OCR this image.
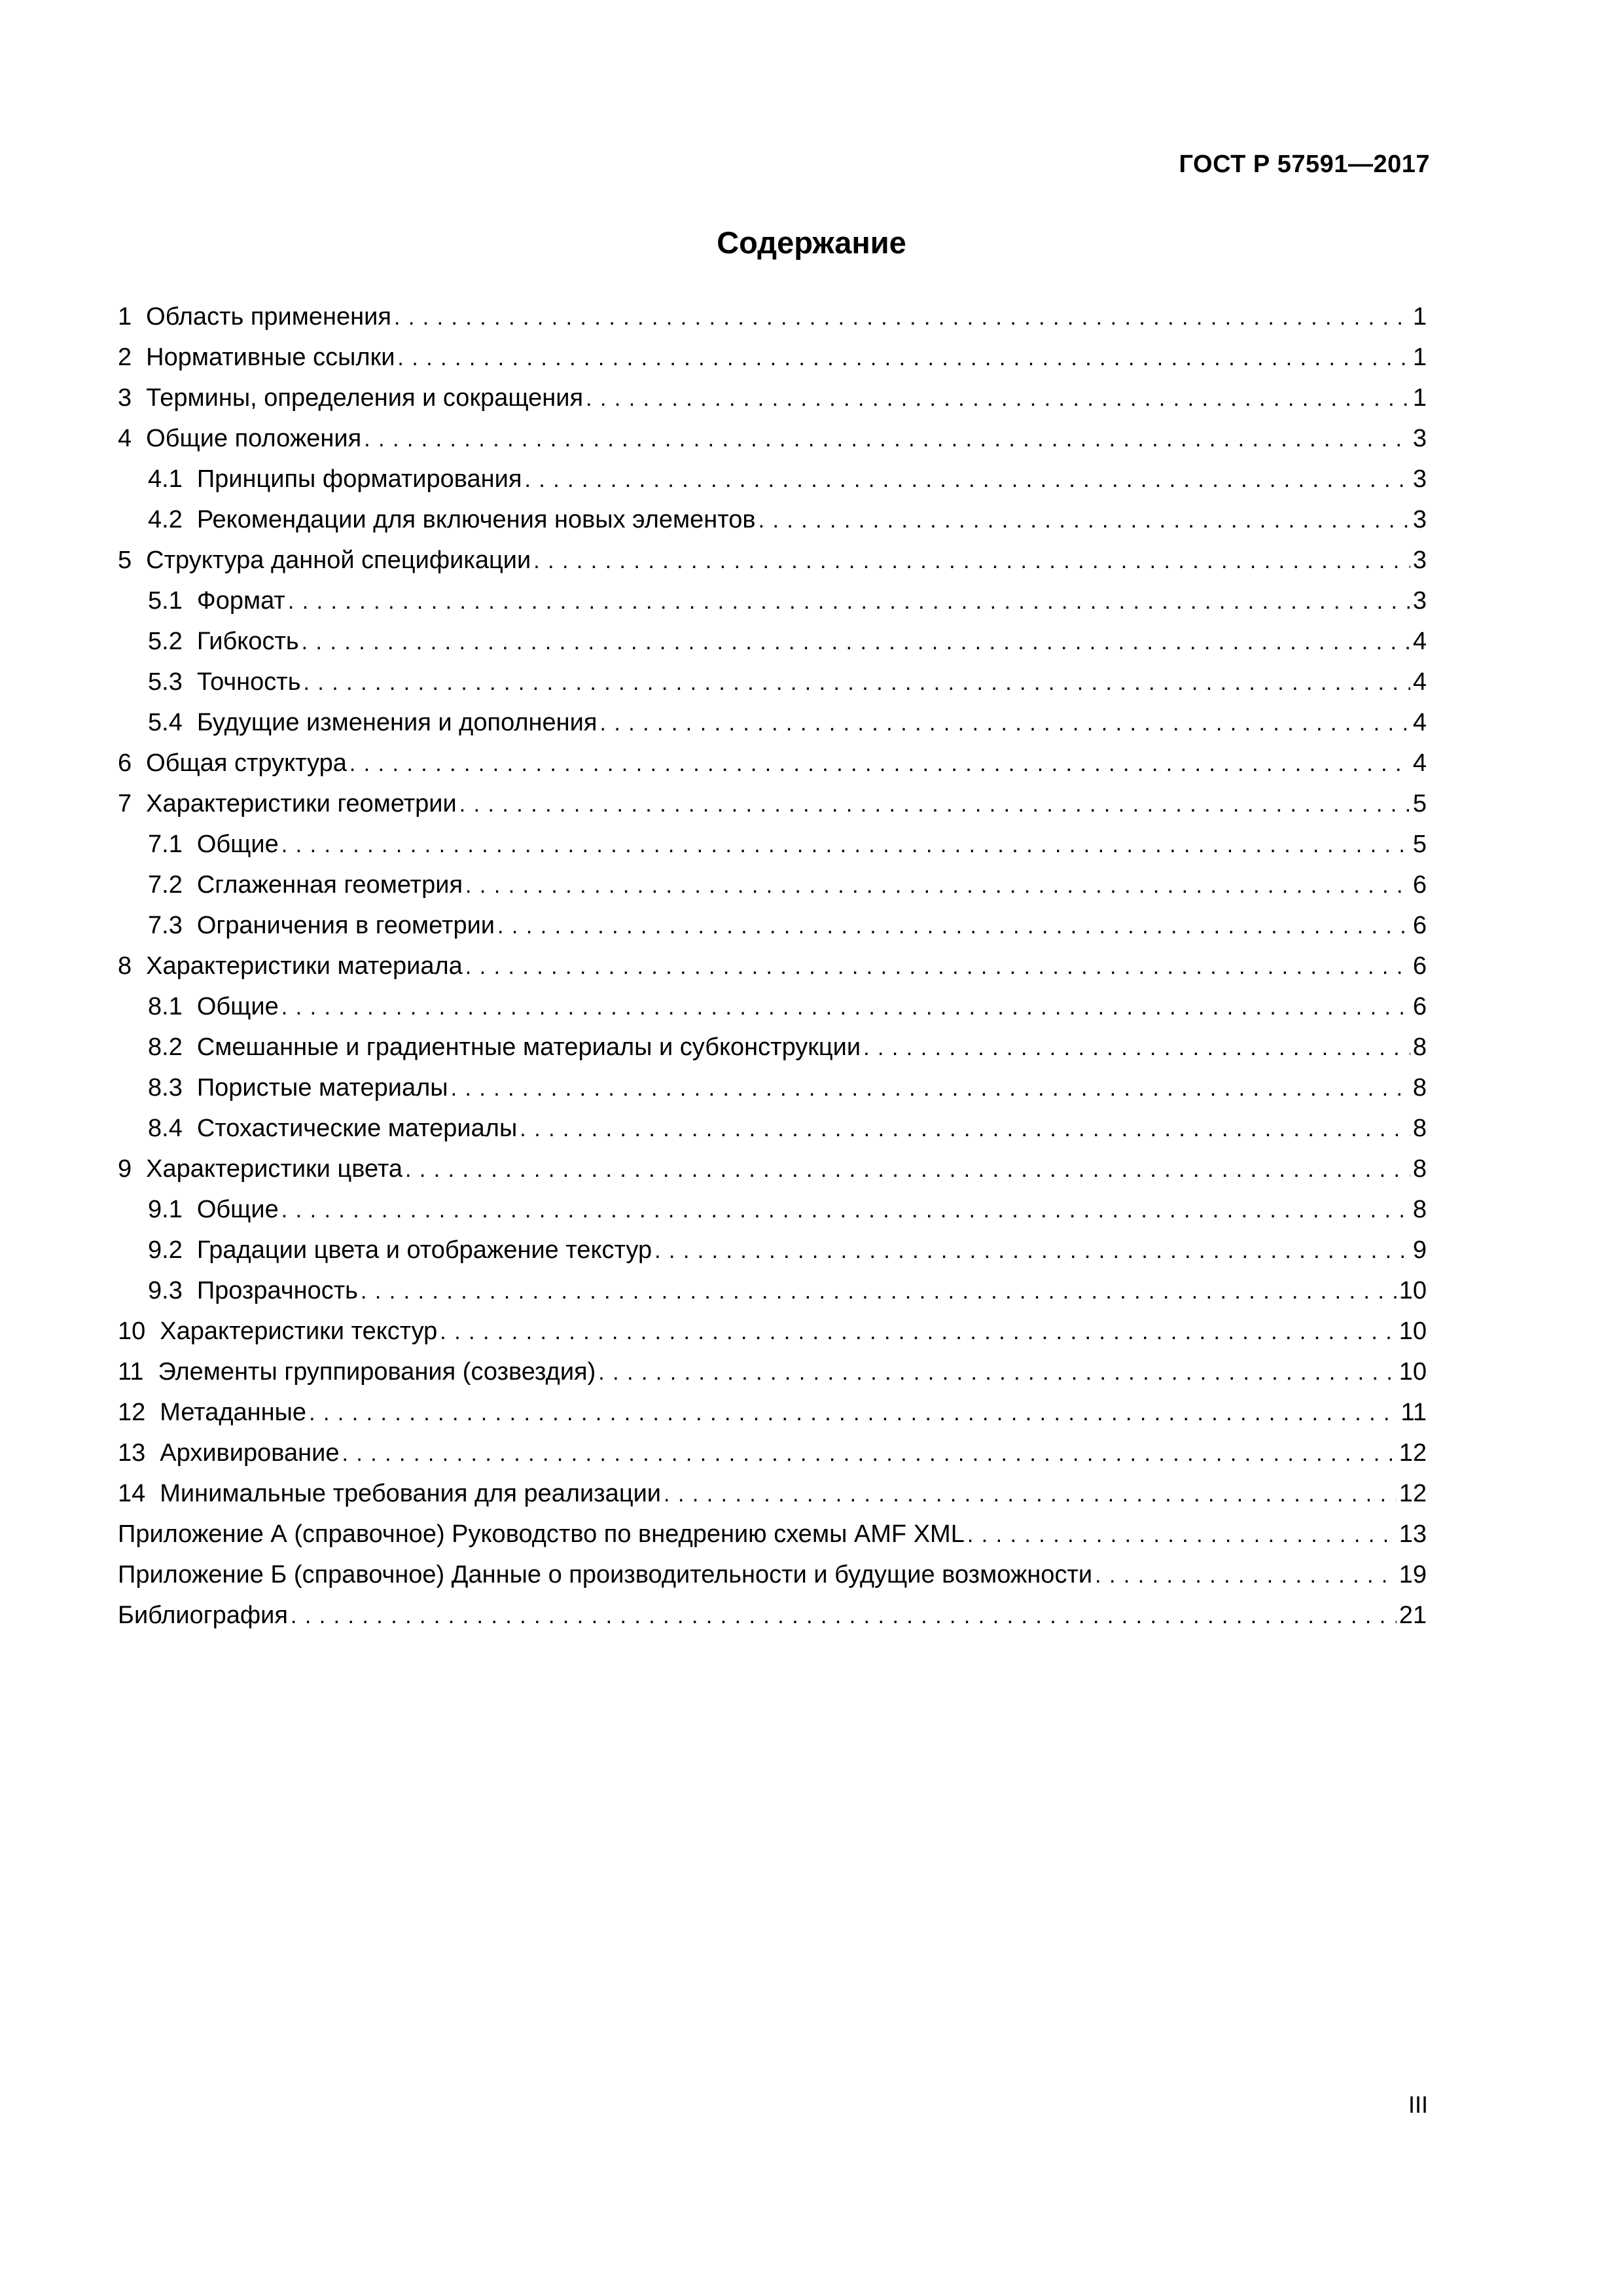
ГОСТ Р 57591—2017
Содержание
1 Область применения . . .	1
2 Нормативные ссылки . . .	1
3 Термины, определения и сокращения . . .	1
4 Общие положения . . .	3
4.1 Принципы форматирования . . .	3
4.2 Рекомендации для включения новых элементов . . .	3
5 Структура данной спецификации . . .	3
5.1 Формат . . .	3
5.2 Гибкость . . .	4
5.3 Точность . . .	4
5.4 Будущие изменения и дополнения . . .	4
6 Общая структура . . .	4
7 Характеристики геометрии . . .	5
7.1 Общие . . .	5
7.2 Сглаженная геометрия . . .	6
7.3 Ограничения в геометрии . . .	6
8 Характеристики материала . . .	6
8.1 Общие . . .	6
8.2 Смешанные и градиентные материалы и субконструкции . . .	8
8.3 Пористые материалы . . .	8
8.4 Стохастические материалы . . .	8
9 Характеристики цвета . . .	8
9.1 Общие . . .	8
9.2 Градации цвета и отображение текстур . . .	9
9.3 Прозрачность . . .	10
10 Характеристики текстур . . .	10
11 Элементы группирования (созвездия) . . .	10
12 Метаданные . . .	11
13 Архивирование . . .	12
14 Минимальные требования для реализации . . .	12
Приложение А (справочное) Руководство по внедрению схемы AMF XML . . .	13
Приложение Б (справочное) Данные о производительности и будущие возможности . . .	19
Библиография . . .	21
III
